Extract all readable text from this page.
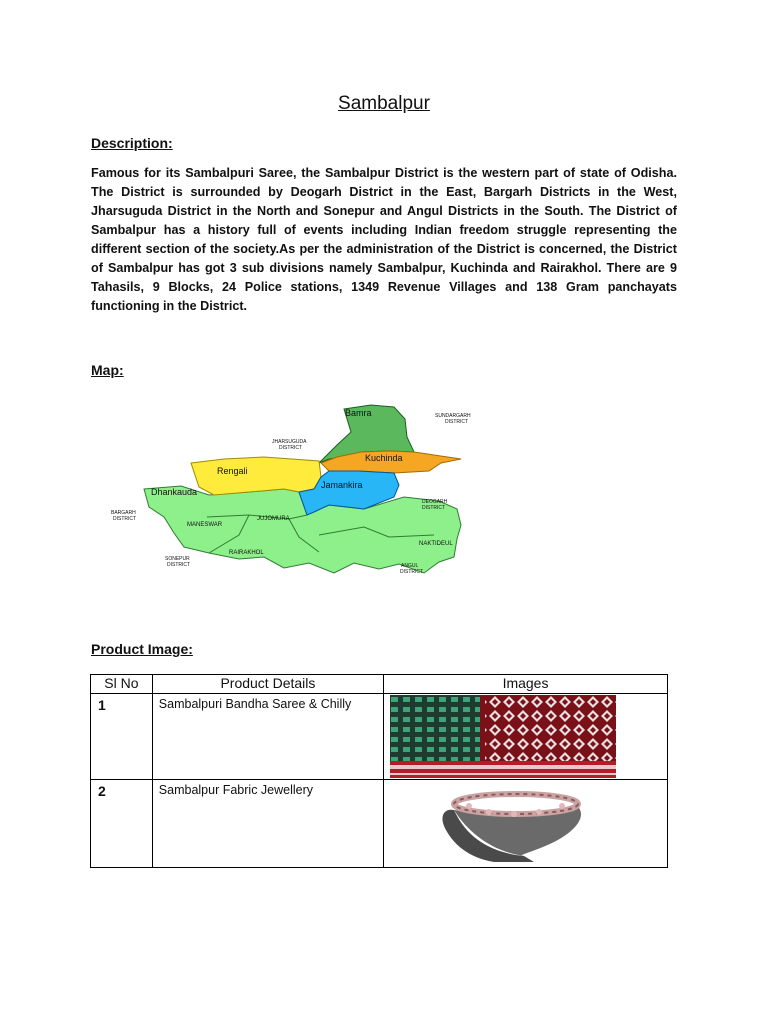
Sambalpur
Description:
Famous for its Sambalpuri Saree, the Sambalpur District is the western part of state of Odisha. The District is surrounded by Deogarh District in the East, Bargarh Districts in the West, Jharsuguda District in the North and Sonepur and Angul Districts in the South. The District of Sambalpur has a history full of events including Indian freedom struggle representing the different section of the society.As per the administration of the District is concerned, the District of Sambalpur has got 3 sub divisions namely Sambalpur, Kuchinda and Rairakhol. There are 9 Tahasils, 9 Blocks, 24 Police stations, 1349 Revenue Villages and 138 Gram panchayats functioning in the District.
Map:
Bamra
Kuchinda
Rengali
Jamankira
Dhankauda
MANESWAR
JUJOMURA
RAIRAKHOL
NAKTIDEUL
SUNDARGARH
DISTRICT
JHARSUGUDA
DISTRICT
BARGARH
DISTRICT
DEOGARH
DISTRICT
SONEPUR
DISTRICT	ANGUL
DISTRICT
Product Image:
Sl No	Product Details	Images
1	Sambalpuri Bandha Saree & Chilly	

2	Sambalpur Fabric Jewellery	
